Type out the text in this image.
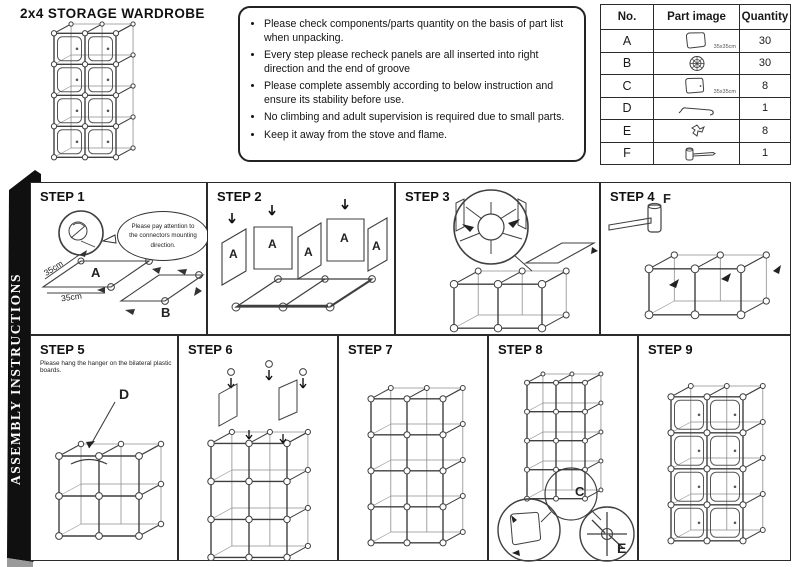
2x4 STORAGE WARDROBE
• Please check components/parts quantity on the basis of part list when unpacking.
• Every step please recheck panels are all inserted into right direction and the end of groove
• Please complete assembly according to below instruction and ensure its stability before use.
• No climbing and adult supervision is required due to small parts.
• Keep it away from the stove and flame.
No.	Part image	Quantity
A	35x35cm	30
B		30
C	35x35cm	8
D		1
E		8
F		1
ASSEMBLY INSTRUCTIONS
STEP 1
Please pay attention to the connectors mounting direction.
35cm
35cm
A
B
STEP 2
A
A
A
A
A
STEP 3	STEP 4 F
STEP 5
Please hang the hanger on the bilateral plastic boards.
D
STEP 6	STEP 7	STEP 8
C
E
STEP 9
